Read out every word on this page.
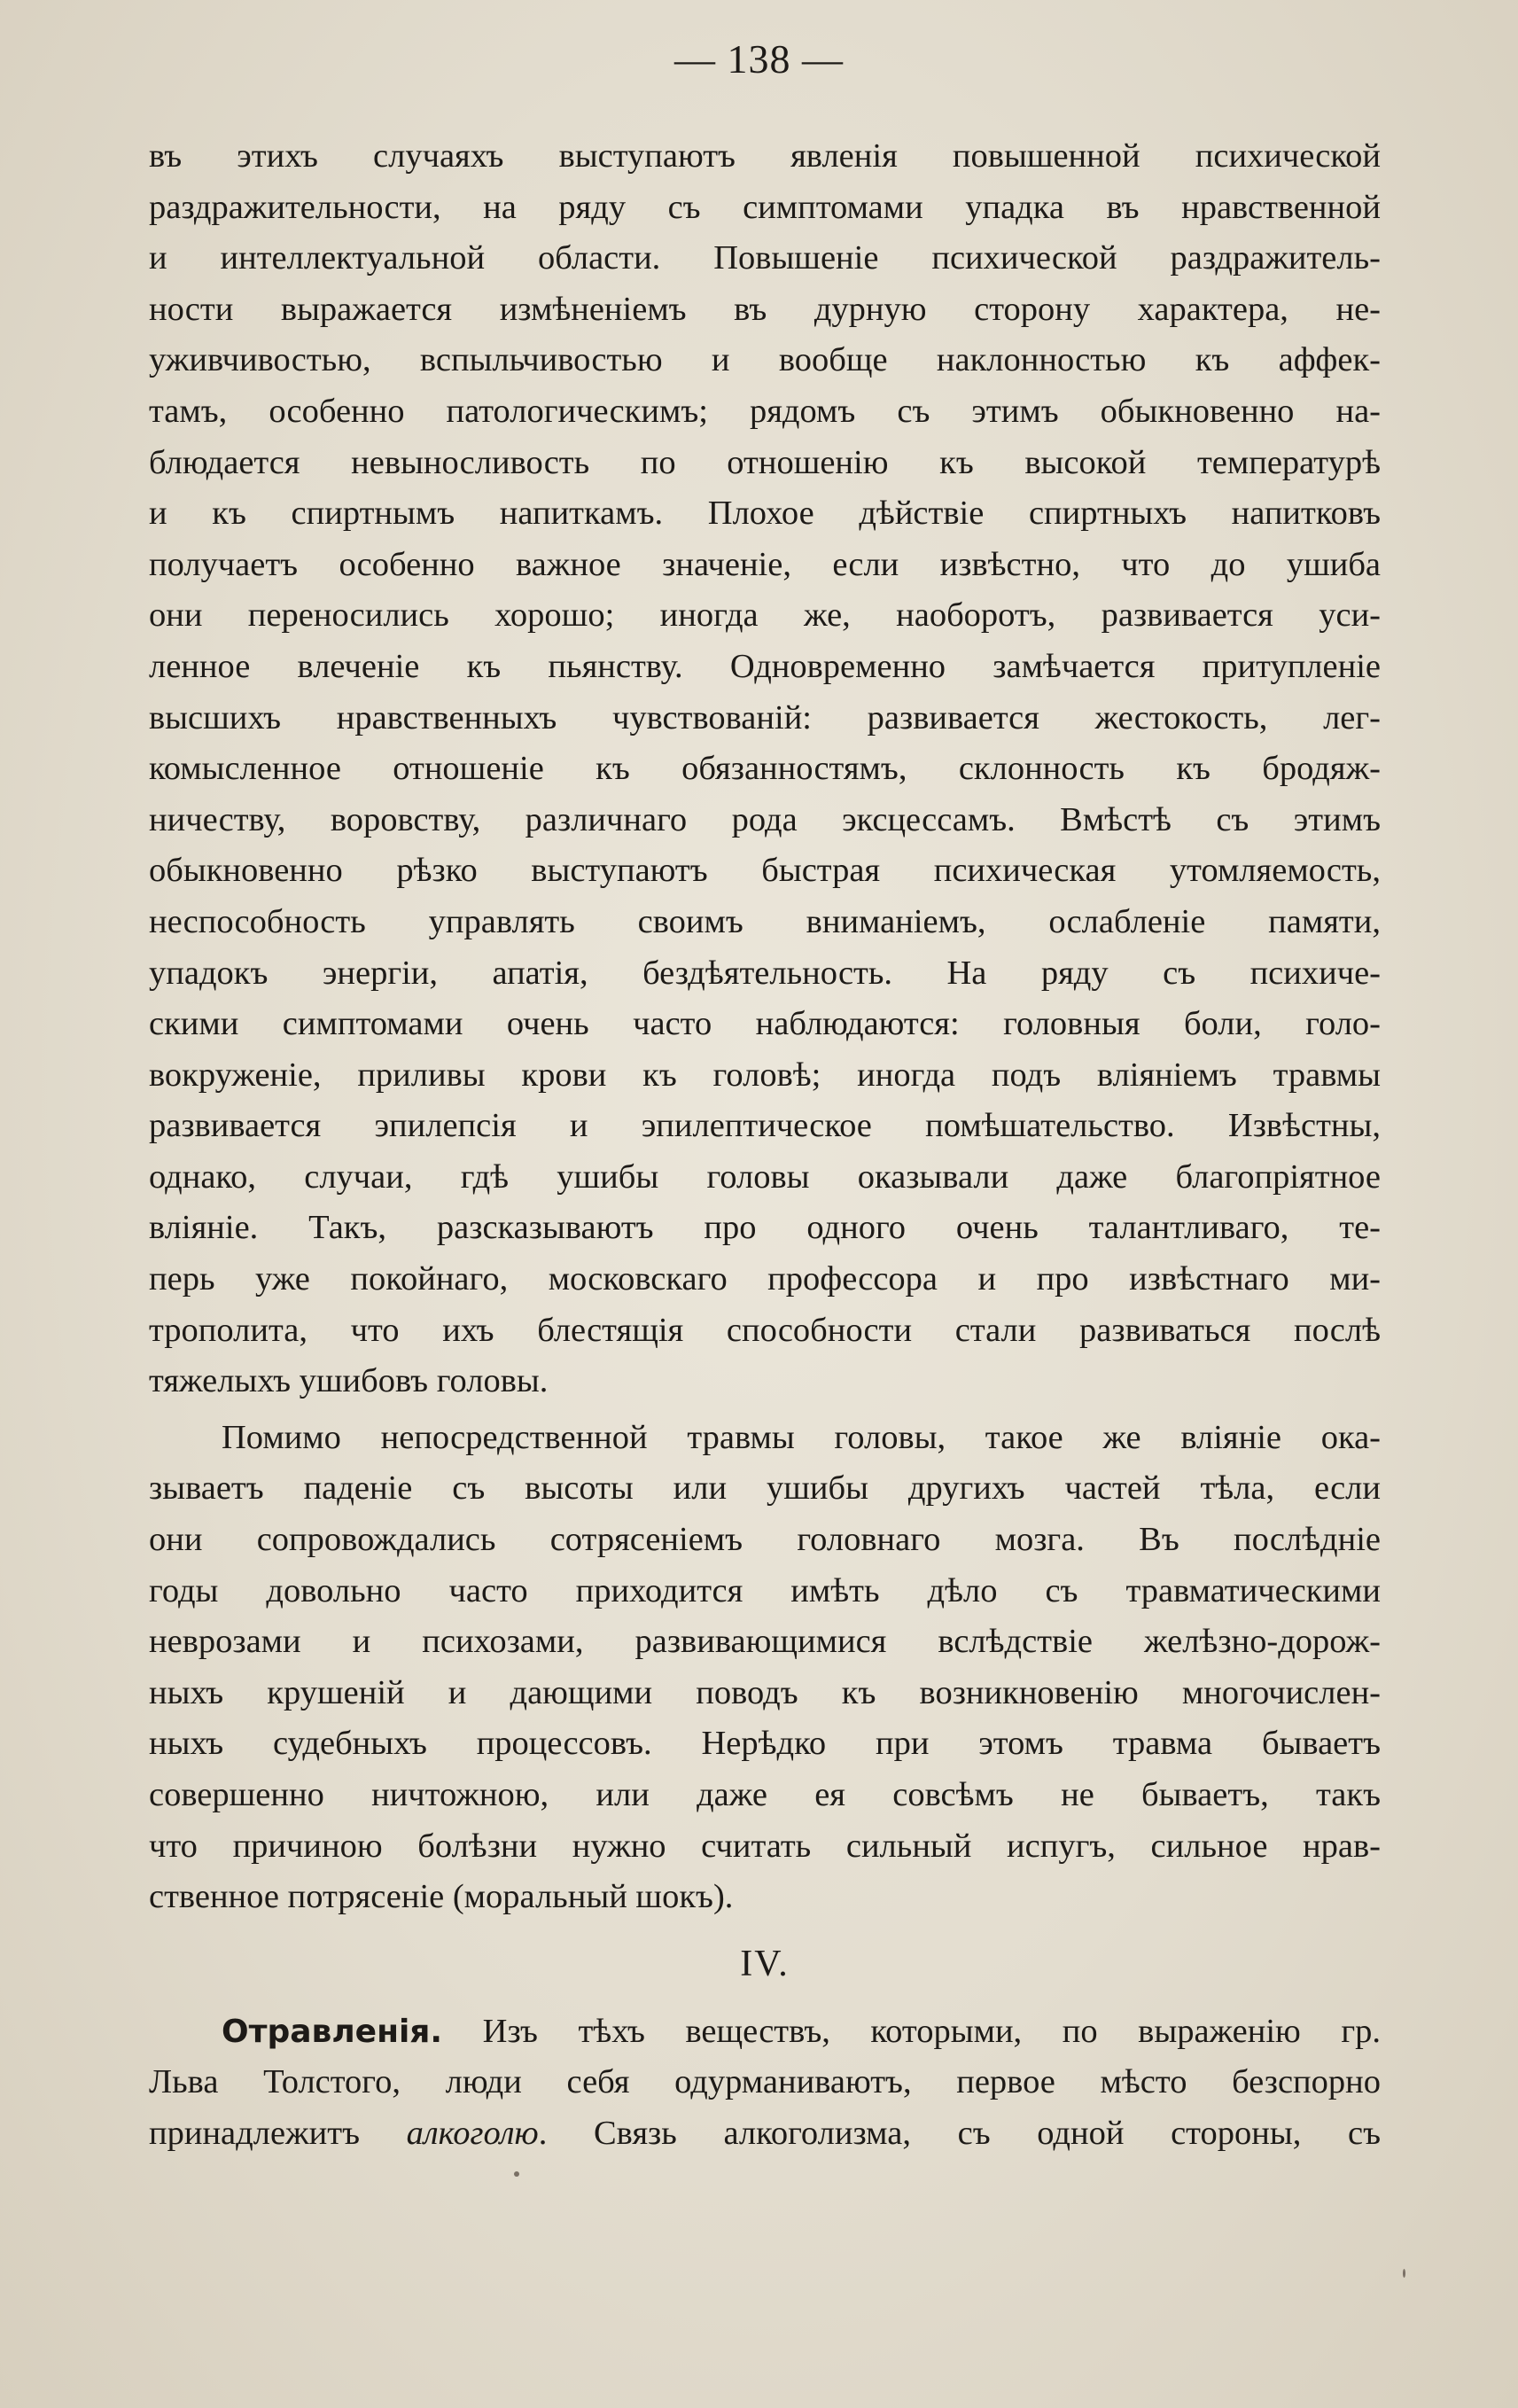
— 138 —
въ этихъ случаяхъ выступаютъ явленія повышенной психической
раздражительности, на ряду съ симптомами упадка въ нравственной
и интеллектуальной области. Повышеніе психической раздражитель-
ности выражается измѣненіемъ въ дурную сторону характера, не-
уживчивостью, вспыльчивостью и вообще наклонностью къ аффек-
тамъ, особенно патологическимъ; рядомъ съ этимъ обыкновенно на-
блюдается невыносливость по отношенію къ высокой температурѣ
и къ спиртнымъ напиткамъ. Плохое дѣйствіе спиртныхъ напитковъ
получаетъ особенно важное значеніе, если извѣстно, что до ушиба
они переносились хорошо; иногда же, наоборотъ, развивается уси-
ленное влеченіе къ пьянству. Одновременно замѣчается притупленіе
высшихъ нравственныхъ чувствованій: развивается жестокость, лег-
комысленное отношеніе къ обязанностямъ, склонность къ бродяж-
ничеству, воровству, различнаго рода эксцессамъ. Вмѣстѣ съ этимъ
обыкновенно рѣзко выступаютъ быстрая психическая утомляемость,
неспособность управлять своимъ вниманіемъ, ослабленіе памяти,
упадокъ энергіи, апатія, бездѣятельность. На ряду съ психиче-
скими симптомами очень часто наблюдаются: головныя боли, голо-
вокруженіе, приливы крови къ головѣ; иногда подъ вліяніемъ травмы
развивается эпилепсія и эпилептическое помѣшательство. Извѣстны,
однако, случаи, гдѣ ушибы головы оказывали даже благопріятное
вліяніе. Такъ, разсказываютъ про одного очень талантливаго, те-
перь уже покойнаго, московскаго профессора и про извѣстнаго ми-
трополита, что ихъ блестящія способности стали развиваться послѣ
тяжелыхъ ушибовъ головы.
Помимо непосредственной травмы головы, такое же вліяніе ока-
зываетъ паденіе съ высоты или ушибы другихъ частей тѣла, если
они сопровождались сотрясеніемъ головнаго мозга. Въ послѣдніе
годы довольно часто приходится имѣть дѣло съ травматическими
неврозами и психозами, развивающимися вслѣдствіе желѣзно-дорож-
ныхъ крушеній и дающими поводъ къ возникновенію многочислен-
ныхъ судебныхъ процессовъ. Нерѣдко при этомъ травма бываетъ
совершенно ничтожною, или даже ея совсѣмъ не бываетъ, такъ
что причиною болѣзни нужно считать сильный испугъ, сильное нрав-
ственное потрясеніе (моральный шокъ).
IV.
Отравленія. Изъ тѣхъ веществъ, которыми, по выраженію гр.
Льва Толстого, люди себя одурманиваютъ, первое мѣсто безспорно
принадлежитъ алкоголю. Связь алкоголизма, съ одной стороны, съ
